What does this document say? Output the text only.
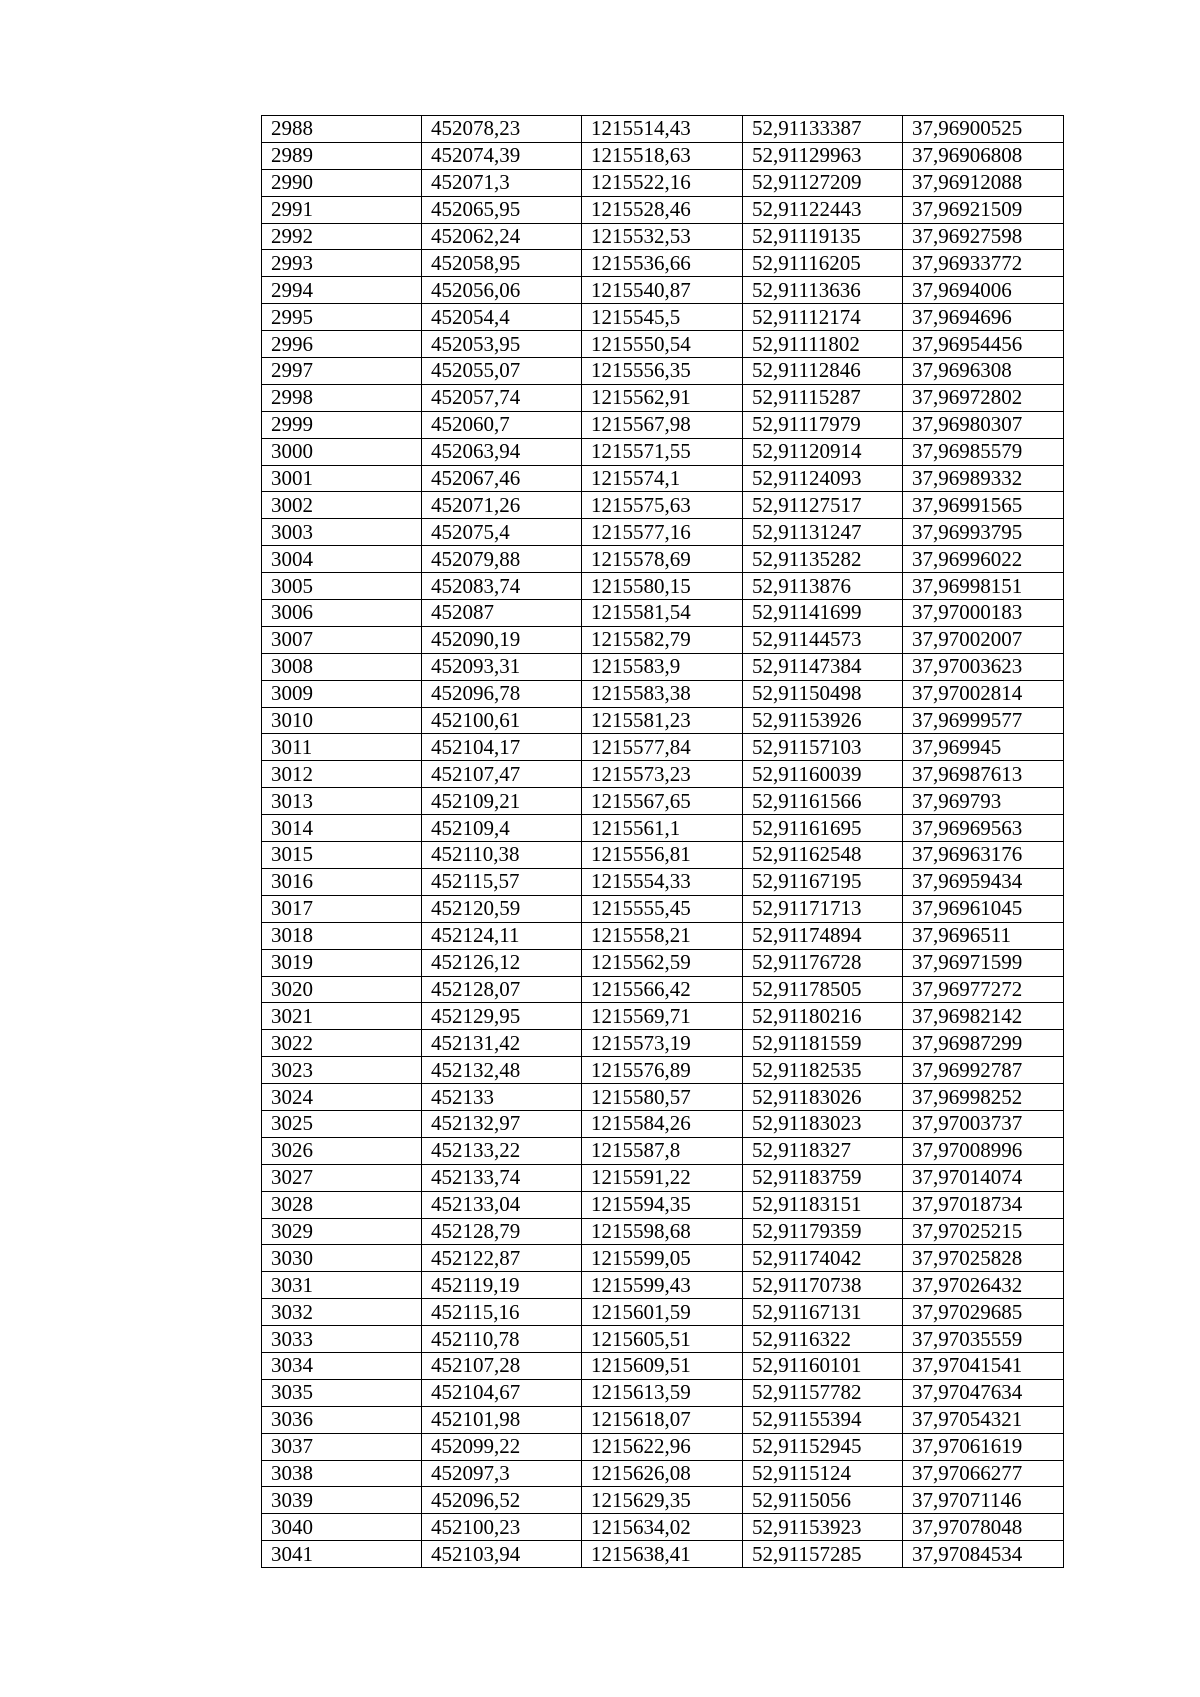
2988	452078,23	1215514,43	52,91133387	37,96900525
2989	452074,39	1215518,63	52,91129963	37,96906808
2990	452071,3	1215522,16	52,91127209	37,96912088
2991	452065,95	1215528,46	52,91122443	37,96921509
2992	452062,24	1215532,53	52,91119135	37,96927598
2993	452058,95	1215536,66	52,91116205	37,96933772
2994	452056,06	1215540,87	52,91113636	37,9694006
2995	452054,4	1215545,5	52,91112174	37,9694696
2996	452053,95	1215550,54	52,91111802	37,96954456
2997	452055,07	1215556,35	52,91112846	37,9696308
2998	452057,74	1215562,91	52,91115287	37,96972802
2999	452060,7	1215567,98	52,91117979	37,96980307
3000	452063,94	1215571,55	52,91120914	37,96985579
3001	452067,46	1215574,1	52,91124093	37,96989332
3002	452071,26	1215575,63	52,91127517	37,96991565
3003	452075,4	1215577,16	52,91131247	37,96993795
3004	452079,88	1215578,69	52,91135282	37,96996022
3005	452083,74	1215580,15	52,9113876	37,96998151
3006	452087	1215581,54	52,91141699	37,97000183
3007	452090,19	1215582,79	52,91144573	37,97002007
3008	452093,31	1215583,9	52,91147384	37,97003623
3009	452096,78	1215583,38	52,91150498	37,97002814
3010	452100,61	1215581,23	52,91153926	37,96999577
3011	452104,17	1215577,84	52,91157103	37,969945
3012	452107,47	1215573,23	52,91160039	37,96987613
3013	452109,21	1215567,65	52,91161566	37,969793
3014	452109,4	1215561,1	52,91161695	37,96969563
3015	452110,38	1215556,81	52,91162548	37,96963176
3016	452115,57	1215554,33	52,91167195	37,96959434
3017	452120,59	1215555,45	52,91171713	37,96961045
3018	452124,11	1215558,21	52,91174894	37,9696511
3019	452126,12	1215562,59	52,91176728	37,96971599
3020	452128,07	1215566,42	52,91178505	37,96977272
3021	452129,95	1215569,71	52,91180216	37,96982142
3022	452131,42	1215573,19	52,91181559	37,96987299
3023	452132,48	1215576,89	52,91182535	37,96992787
3024	452133	1215580,57	52,91183026	37,96998252
3025	452132,97	1215584,26	52,91183023	37,97003737
3026	452133,22	1215587,8	52,9118327	37,97008996
3027	452133,74	1215591,22	52,91183759	37,97014074
3028	452133,04	1215594,35	52,91183151	37,97018734
3029	452128,79	1215598,68	52,91179359	37,97025215
3030	452122,87	1215599,05	52,91174042	37,97025828
3031	452119,19	1215599,43	52,91170738	37,97026432
3032	452115,16	1215601,59	52,91167131	37,97029685
3033	452110,78	1215605,51	52,9116322	37,97035559
3034	452107,28	1215609,51	52,91160101	37,97041541
3035	452104,67	1215613,59	52,91157782	37,97047634
3036	452101,98	1215618,07	52,91155394	37,97054321
3037	452099,22	1215622,96	52,91152945	37,97061619
3038	452097,3	1215626,08	52,9115124	37,97066277
3039	452096,52	1215629,35	52,9115056	37,97071146
3040	452100,23	1215634,02	52,91153923	37,97078048
3041	452103,94	1215638,41	52,91157285	37,97084534
